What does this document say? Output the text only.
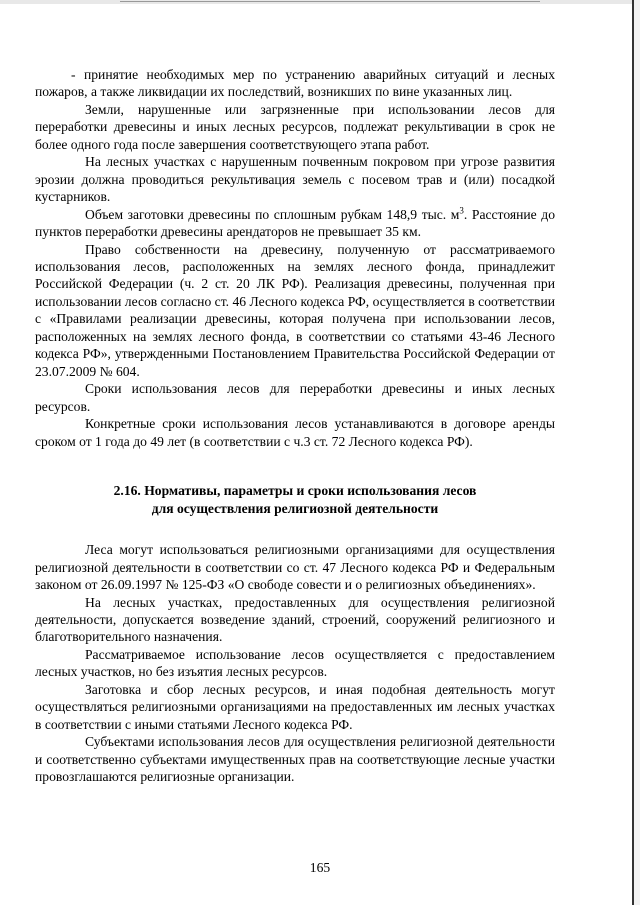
- принятие необходимых мер по устранению аварийных ситуаций и лесных пожаров, а также ликвидации их последствий, возникших по вине указанных лиц.

Земли, нарушенные или загрязненные при использовании лесов для переработки древесины и иных лесных ресурсов, подлежат рекультивации в срок не более одного года после завершения соответствующего этапа работ.

На лесных участках с нарушенным почвенным покровом при угрозе развития эрозии должна проводиться рекультивация земель с посевом трав и (или) посадкой кустарников.

Объем заготовки древесины по сплошным рубкам 148,9 тыс. $м^3$. Расстояние до пунктов переработки древесины арендаторов не превышает 35 км.

Право собственности на древесину, полученную от рассматриваемого использования лесов, расположенных на землях лесного фонда, принадлежит Российской Федерации (ч. 2 ст. 20 ЛК РФ). Реализация древесины, полученная при использовании лесов согласно ст. 46 Лесного кодекса РФ, осуществляется в соответствии с «Правилами реализации древесины, которая получена при использовании лесов, расположенных на землях лесного фонда, в соответствии со статьями 43-46 Лесного кодекса РФ», утвержденными Постановлением Правительства Российской Федерации от 23.07.2009 № 604.

Сроки использования лесов для переработки древесины и иных лесных ресурсов.

Конкретные сроки использования лесов устанавливаются в договоре аренды сроком от 1 года до 49 лет (в соответствии с ч.3 ст. 72 Лесного кодекса РФ).

2.16. Нормативы, параметры и сроки использования лесов
для осуществления религиозной деятельности

Леса могут использоваться религиозными организациями для осуществления религиозной деятельности в соответствии со ст. 47 Лесного кодекса РФ и Федеральным законом от 26.09.1997 № 125-ФЗ «О свободе совести и о религиозных объединениях».

На лесных участках, предоставленных для осуществления религиозной деятельности, допускается возведение зданий, строений, сооружений религиозного и благотворительного назначения.

Рассматриваемое использование лесов осуществляется с предоставлением лесных участков, но без изъятия лесных ресурсов.

Заготовка и сбор лесных ресурсов, и иная подобная деятельность могут осуществляться религиозными организациями на предоставленных им лесных участках в соответствии с иными статьями Лесного кодекса РФ.

Субъектами использования лесов для осуществления религиозной деятельности и соответственно субъектами имущественных прав на соответствующие лесные участки провозглашаются религиозные организации.

165
